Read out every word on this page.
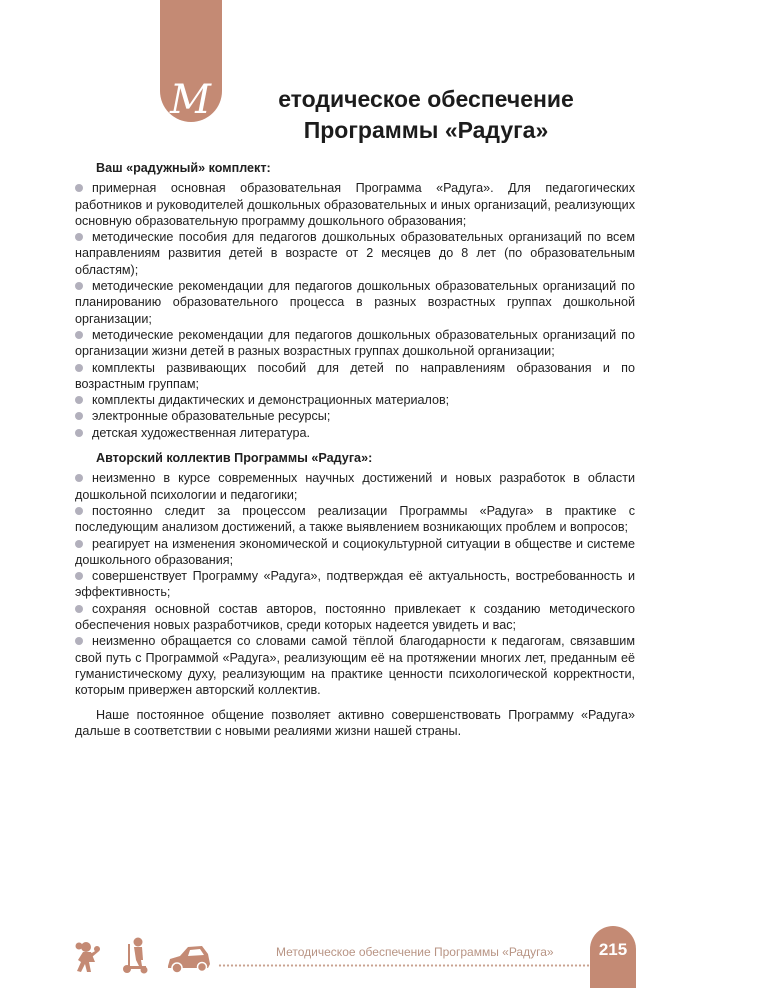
М	етодическое обеспечение
Программы «Радуга»
Ваш «радужный» комплект:

примерная основная образовательная Программа «Радуга». Для педагогических работников и руководителей дошкольных образовательных и иных организаций, реализующих основную образовательную программу дошкольного образования;

методические пособия для педагогов дошкольных образовательных организаций по всем направлениям развития детей в возрасте от 2 месяцев до 8 лет (по образовательным областям);

методические рекомендации для педагогов дошкольных образовательных организаций по планированию образовательного процесса в разных возрастных группах дошкольной организации;

методические рекомендации для педагогов дошкольных образовательных организаций по организации жизни детей в разных возрастных группах дошкольной организации;

комплекты развивающих пособий для детей по направлениям образования и по возрастным группам;

комплекты дидактических и демонстрационных материалов;

электронные образовательные ресурсы;

детская художественная литература.

Авторский коллектив Программы «Радуга»:

неизменно в курсе современных научных достижений и новых разработок в области дошкольной психологии и педагогики;

постоянно следит за процессом реализации Программы «Радуга» в практике с последующим анализом достижений, а также выявлением возникающих проблем и вопросов;

реагирует на изменения экономической и социокультурной ситуации в обществе и системе дошкольного образования;

совершенствует Программу «Радуга», подтверждая её актуальность, востребованность и эффективность;

сохраняя основной состав авторов, постоянно привлекает к созданию методического обеспечения новых разработчиков, среди которых надеется увидеть и вас;

неизменно обращается со словами самой тёплой благодарности к педагогам, связавшим свой путь с Программой «Радуга», реализующим её на протяжении многих лет, преданным её гуманистическому духу, реализующим на практике ценности психологической корректности, которым привержен авторский коллектив.

Наше постоянное общение позволяет активно совершенствовать Программу «Радуга» дальше в соответствии с новыми реалиями жизни нашей страны.

Методическое обеспечение Программы «Радуга»	215
